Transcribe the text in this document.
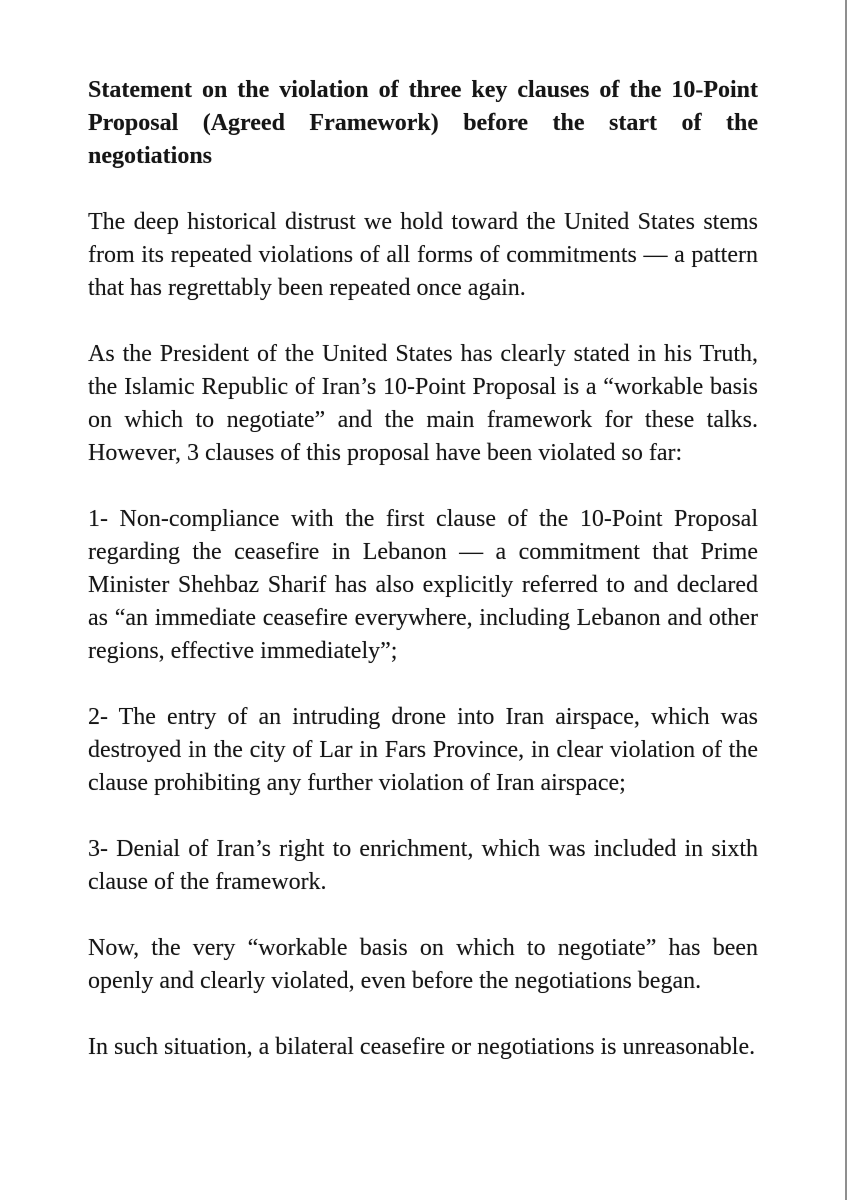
Statement on the violation of three key clauses of the 10‑Point Proposal (Agreed Framework) before the start of the negotiations

The deep historical distrust we hold toward the United States stems from its repeated violations of all forms of commitments — a pattern that has regrettably been repeated once again.

As the President of the United States has clearly stated in his Truth, the Islamic Republic of Iran’s 10‑Point Proposal is a “workable basis on which to negotiate” and the main framework for these talks. However, 3 clauses of this proposal have been violated so far:

1- Non-compliance with the first clause of the 10‑Point Proposal regarding the ceasefire in Lebanon — a commitment that Prime Minister Shehbaz Sharif has also explicitly referred to and declared as “an immediate ceasefire everywhere, including Lebanon and other regions, effective immediately”;

2- The entry of an intruding drone into Iran airspace, which was destroyed in the city of Lar in Fars Province, in clear violation of the clause prohibiting any further violation of Iran airspace;

3- Denial of Iran’s right to enrichment, which was included in sixth clause of the framework.

Now, the very “workable basis on which to negotiate” has been openly and clearly violated, even before the negotiations began.

In such situation, a bilateral ceasefire or negotiations is unreasonable.
